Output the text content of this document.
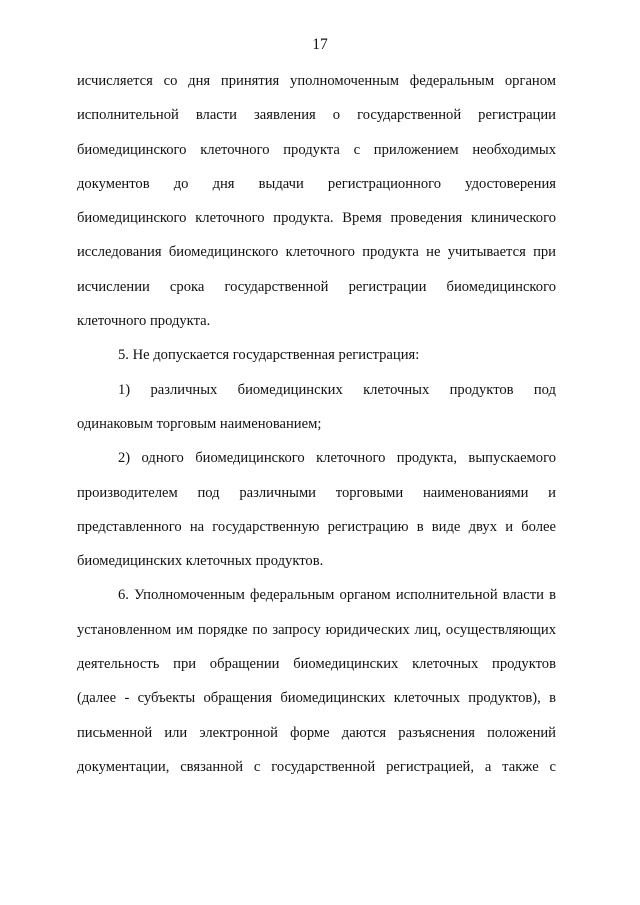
17
исчисляется со дня принятия уполномоченным федеральным органом
исполнительной власти заявления о государственной регистрации
биомедицинского клеточного продукта с приложением необходимых
документов до дня выдачи регистрационного удостоверения
биомедицинского клеточного продукта. Время проведения клинического
исследования биомедицинского клеточного продукта не учитывается при
исчислении срока государственной регистрации биомедицинского
клеточного продукта.
5. Не допускается государственная регистрация:
1) различных биомедицинских клеточных продуктов под
одинаковым торговым наименованием;
2) одного биомедицинского клеточного продукта, выпускаемого
производителем под различными торговыми наименованиями и
представленного на государственную регистрацию в виде двух и более
биомедицинских клеточных продуктов.
6. Уполномоченным федеральным органом исполнительной власти в
установленном им порядке по запросу юридических лиц, осуществляющих
деятельность при обращении биомедицинских клеточных продуктов
(далее - субъекты обращения биомедицинских клеточных продуктов), в
письменной или электронной форме даются разъяснения положений
документации, связанной с государственной регистрацией, а также с
